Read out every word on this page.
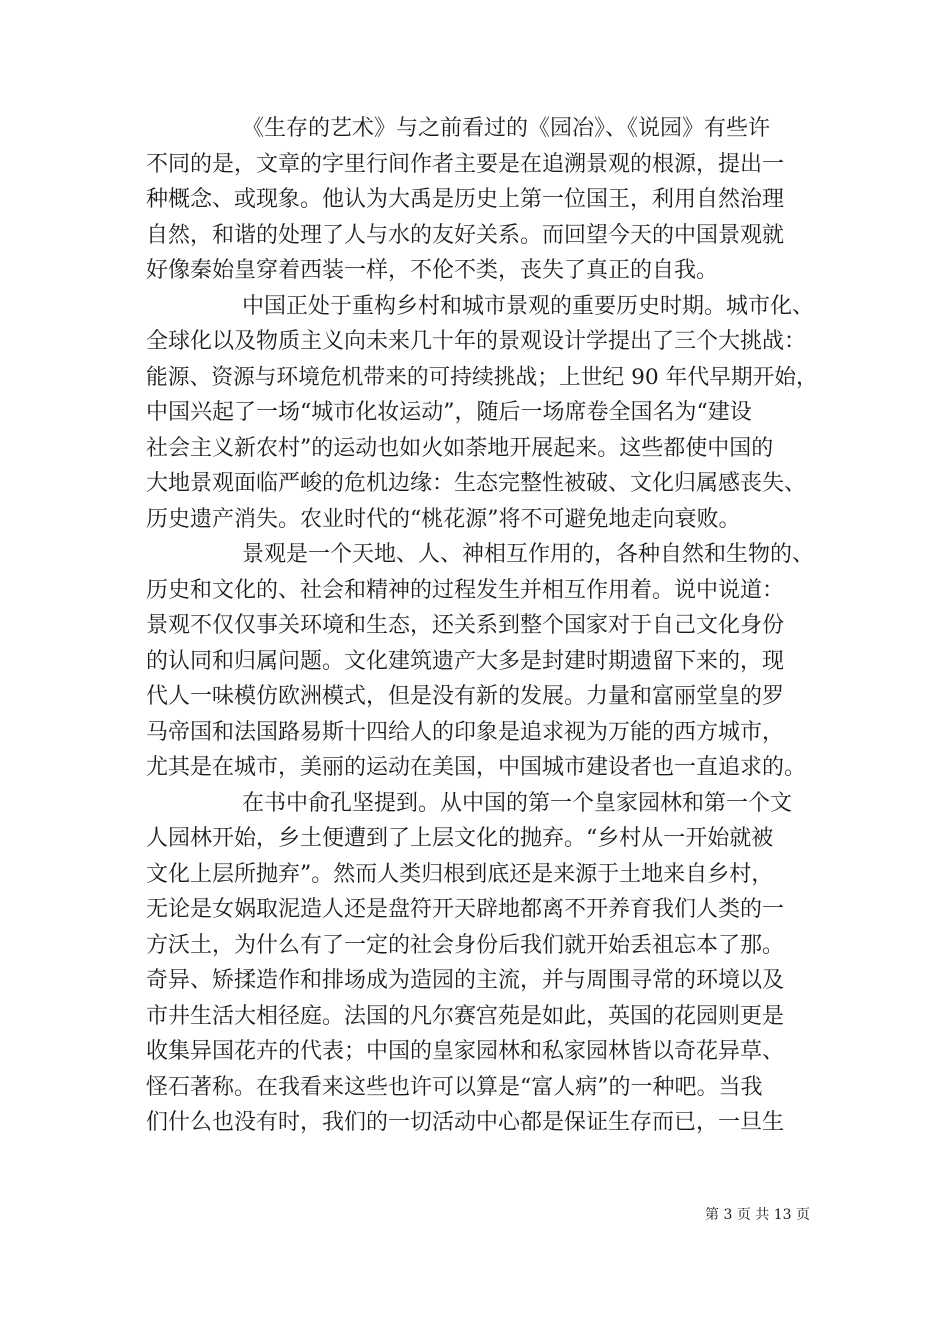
《生存的艺术》与之前看过的《园冶》、《说园》有些许
不同的是，文章的字里行间作者主要是在追溯景观的根源，提出一
种概念、或现象。他认为大禹是历史上第一位国王，利用自然治理
自然，和谐的处理了人与水的友好关系。而回望今天的中国景观就
好像秦始皇穿着西装一样，不伦不类，丧失了真正的自我。
中国正处于重构乡村和城市景观的重要历史时期。城市化、
全球化以及物质主义向未来几十年的景观设计学提出了三个大挑战：
能源、资源与环境危机带来的可持续挑战；上世纪 90 年代早期开始，
中国兴起了一场“城市化妆运动”，随后一场席卷全国名为“建设
社会主义新农村”的运动也如火如荼地开展起来。这些都使中国的
大地景观面临严峻的危机边缘：生态完整性被破、文化归属感丧失、
历史遗产消失。农业时代的“桃花源”将不可避免地走向衰败。
景观是一个天地、人、神相互作用的，各种自然和生物的、
历史和文化的、社会和精神的过程发生并相互作用着。说中说道：
景观不仅仅事关环境和生态，还关系到整个国家对于自己文化身份
的认同和归属问题。文化建筑遗产大多是封建时期遗留下来的，现
代人一味模仿欧洲模式，但是没有新的发展。力量和富丽堂皇的罗
马帝国和法国路易斯十四给人的印象是追求视为万能的西方城市，
尤其是在城市，美丽的运动在美国，中国城市建设者也一直追求的。
在书中俞孔坚提到。从中国的第一个皇家园林和第一个文
人园林开始，乡土便遭到了上层文化的抛弃。“乡村从一开始就被
文化上层所抛弃”。然而人类归根到底还是来源于土地来自乡村，
无论是女娲取泥造人还是盘符开天辟地都离不开养育我们人类的一
方沃土，为什么有了一定的社会身份后我们就开始丢祖忘本了那。
奇异、矫揉造作和排场成为造园的主流，并与周围寻常的环境以及
市井生活大相径庭。法国的凡尔赛宫苑是如此，英国的花园则更是
收集异国花卉的代表；中国的皇家园林和私家园林皆以奇花异草、
怪石著称。在我看来这些也许可以算是“富人病”的一种吧。当我
们什么也没有时，我们的一切活动中心都是保证生存而已，一旦生
第 3 页 共 13 页
